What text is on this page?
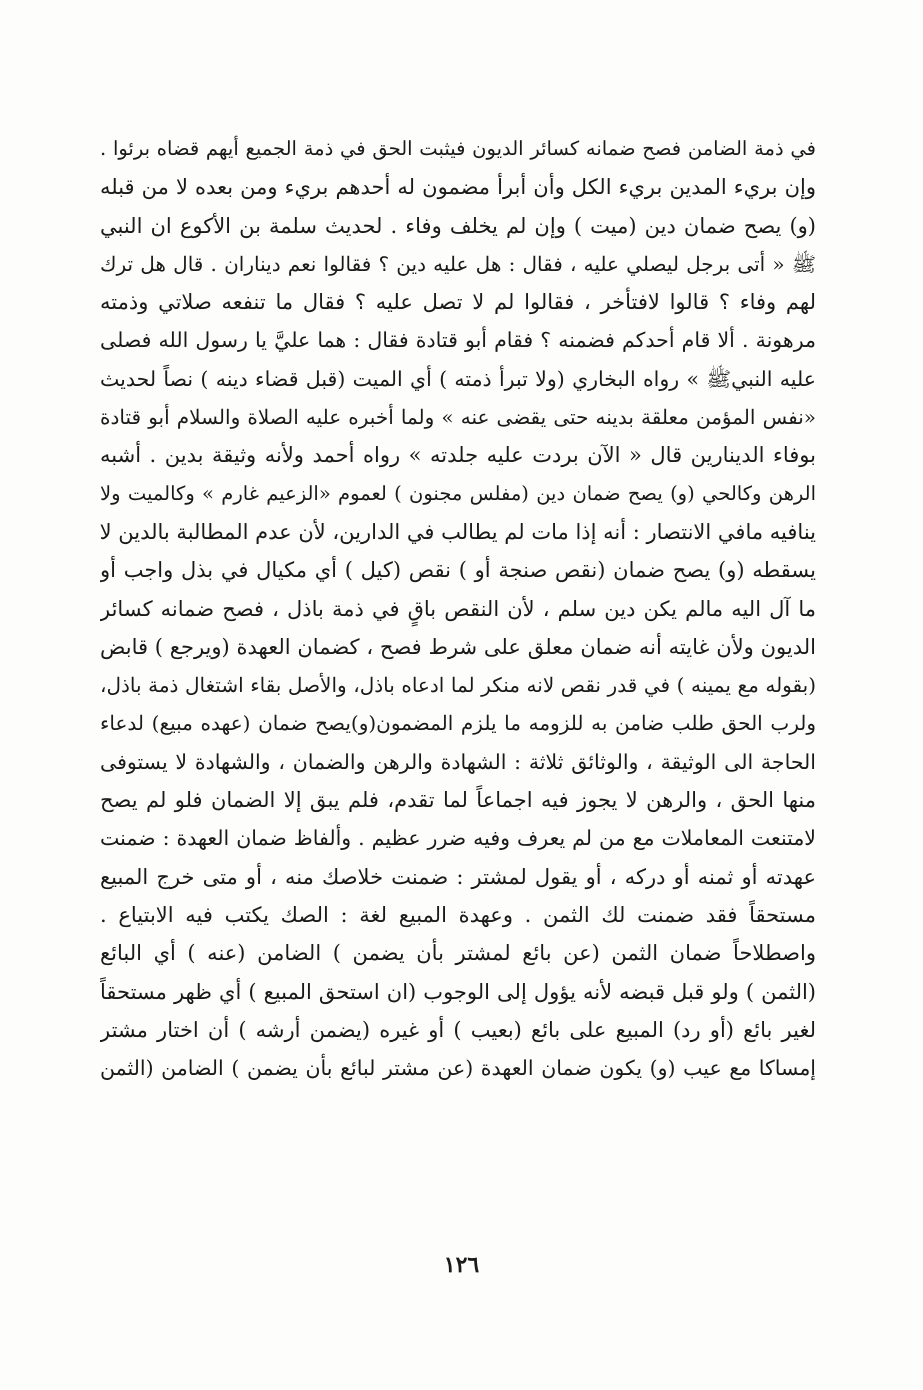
في ذمة الضامن فصح ضمانه كسائر الديون فيثبت الحق في ذمة الجميع أيهم قضاه برئوا .
وإن بريء المدين بريء الكل وأن أبرأ مضمون له أحدهم بريء ومن بعده لا من قبله
(و) يصح ضمان دين (ميت ) وإن لم يخلف وفاء . لحديث سلمة بن الأكوع ان النبي
ﷺ « أتى برجل ليصلي عليه ، فقال : هل عليه دين ؟ فقالوا نعم ديناران . قال هل ترك
لهم وفاء ؟ قالوا لافتأخر ، فقالوا لم لا تصل عليه ؟ فقال ما تنفعه صلاتي وذمته
مرهونة . ألا قام أحدكم فضمنه ؟ فقام أبو قتادة فقال : هما عليَّ يا رسول الله فصلى
عليه النبيﷺ » رواه البخاري (ولا تبرأ ذمته ) أي الميت (قبل قضاء دينه ) نصاً لحديث
«نفس المؤمن معلقة بدينه حتى يقضى عنه » ولما أخبره عليه الصلاة والسلام أبو قتادة
بوفاء الدينارين قال « الآن بردت عليه جلدته » رواه أحمد ولأنه وثيقة بدين . أشبه
الرهن وكالحي (و) يصح ضمان دين (مفلس مجنون ) لعموم «الزعيم غارم » وكالميت ولا
ينافيه مافي الانتصار : أنه إذا مات لم يطالب في الدارين، لأن عدم المطالبة بالدين لا
يسقطه (و) يصح ضمان (نقص صنجة أو ) نقص (كيل ) أي مكيال في بذل واجب أو
ما آل اليه مالم يكن دين سلم ، لأن النقص باقٍ في ذمة باذل ، فصح ضمانه كسائر
الديون ولأن غايته أنه ضمان معلق على شرط فصح ، كضمان العهدة (ويرجع ) قابض
(بقوله مع يمينه ) في قدر نقص لانه منكر لما ادعاه باذل، والأصل بقاء اشتغال ذمة باذل،
ولرب الحق طلب ضامن به للزومه ما يلزم المضمون(و)يصح ضمان (عهده مبيع) لدعاء
الحاجة الى الوثيقة ، والوثائق ثلاثة : الشهادة والرهن والضمان ، والشهادة لا يستوفى
منها الحق ، والرهن لا يجوز فيه اجماعاً لما تقدم، فلم يبق إلا الضمان فلو لم يصح
لامتنعت المعاملات مع من لم يعرف وفيه ضرر عظيم . وألفاظ ضمان العهدة : ضمنت
عهدته أو ثمنه أو دركه ، أو يقول لمشتر : ضمنت خلاصك منه ، أو متى خرج المبيع
مستحقاً فقد ضمنت لك الثمن . وعهدة المبيع لغة : الصك يكتب فيه الابتياع .
واصطلاحاً ضمان الثمن (عن بائع لمشتر بأن يضمن ) الضامن (عنه ) أي البائع
(الثمن ) ولو قبل قبضه لأنه يؤول إلى الوجوب (ان استحق المبيع ) أي ظهر مستحقاً
لغير بائع (أو رد) المبيع على بائع (بعيب ) أو غيره (يضمن أرشه ) أن اختار مشتر
إمساكا مع عيب (و) يكون ضمان العهدة (عن مشتر لبائع بأن يضمن ) الضامن (الثمن
١٢٦
